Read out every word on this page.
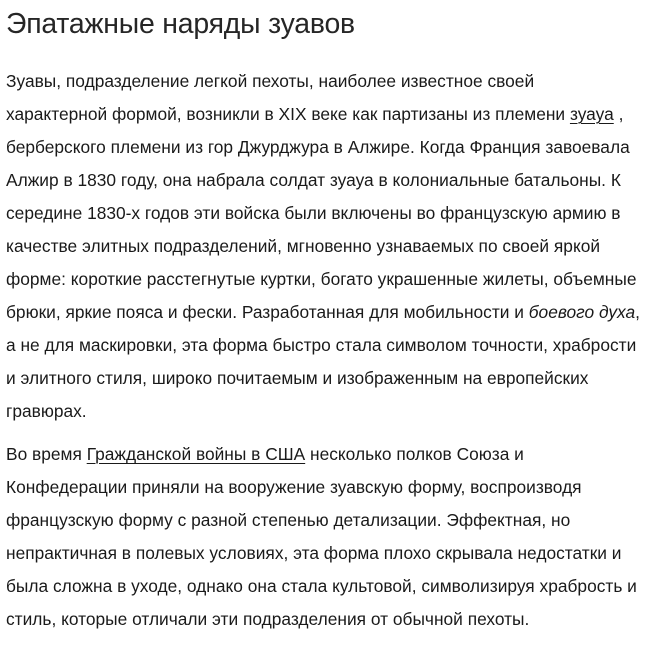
Эпатажные наряды зуавов

Зуавы, подразделение легкой пехоты, наиболее известное своей
характерной формой, возникли в XIX веке как партизаны из племени зуауа ,
берберского племени из гор Джурджура в Алжире. Когда Франция завоевала
Алжир в 1830 году, она набрала солдат зуауа в колониальные батальоны. К
середине 1830-х годов эти войска были включены во французскую армию в
качестве элитных подразделений, мгновенно узнаваемых по своей яркой
форме: короткие расстегнутые куртки, богато украшенные жилеты, объемные
брюки, яркие пояса и фески. Разработанная для мобильности и боевого духа,
а не для маскировки, эта форма быстро стала символом точности, храбрости
и элитного стиля, широко почитаемым и изображенным на европейских
гравюрах.

Во время Гражданской войны в США несколько полков Союза и
Конфедерации приняли на вооружение зуавскую форму, воспроизводя
французскую форму с разной степенью детализации. Эффектная, но
непрактичная в полевых условиях, эта форма плохо скрывала недостатки и
была сложна в уходе, однако она стала культовой, символизируя храбрость и
стиль, которые отличали эти подразделения от обычной пехоты.
